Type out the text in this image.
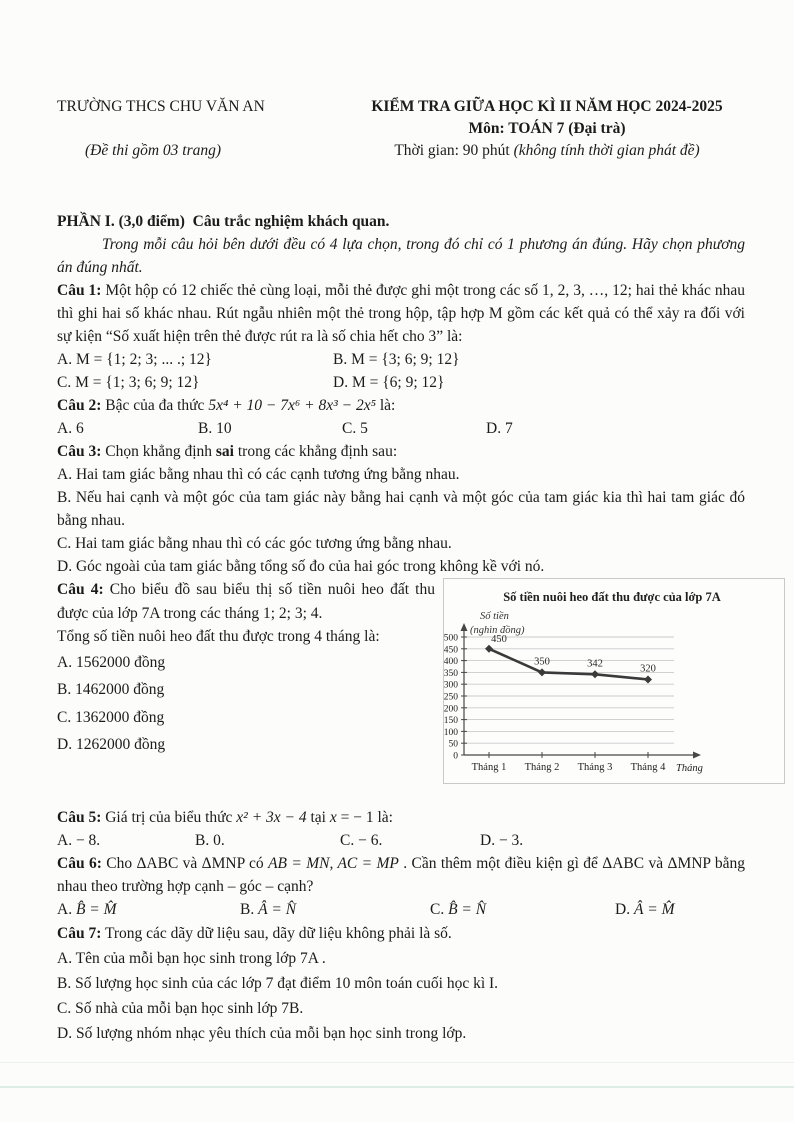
TRƯỜNG THCS CHU VĂN AN
(Đề thi gồm 03 trang)
KIỂM TRA GIỮA HỌC KÌ II NĂM HỌC 2024-2025
Môn: TOÁN 7 (Đại trà)
Thời gian: 90 phút (không tính thời gian phát đề)

PHẦN I. (3,0 điểm) Câu trắc nghiệm khách quan.

Trong mỗi câu hỏi bên dưới đều có 4 lựa chọn, trong đó chỉ có 1 phương án đúng. Hãy chọn phương án đúng nhất.

Câu 1: Một hộp có 12 chiếc thẻ cùng loại, mỗi thẻ được ghi một trong các số 1, 2, 3, …, 12; hai thẻ khác nhau thì ghi hai số khác nhau. Rút ngẫu nhiên một thẻ trong hộp, tập hợp M gồm các kết quả có thể xảy ra đối với sự kiện “Số xuất hiện trên thẻ được rút ra là số chia hết cho 3” là:

A. M = {1; 2; 3; ... .; 12}	B. M = {3; 6; 9; 12}
C. M = {1; 3; 6; 9; 12}	D. M = {6; 9; 12}

Câu 2: Bậc của đa thức 5x⁴ + 10 − 7x⁶ + 8x³ − 2x⁵ là:

A. 6	B. 10	C. 5	D. 7

Câu 3: Chọn khẳng định sai trong các khẳng định sau:

A. Hai tam giác bằng nhau thì có các cạnh tương ứng bằng nhau.

B. Nếu hai cạnh và một góc của tam giác này bằng hai cạnh và một góc của tam giác kia thì hai tam giác đó bằng nhau.

C. Hai tam giác bằng nhau thì có các góc tương ứng bằng nhau.

D. Góc ngoài của tam giác bằng tổng số đo của hai góc trong không kề với nó.

Câu 4: Cho biểu đồ sau biểu thị số tiền nuôi heo đất thu được của lớp 7A trong các tháng 1; 2; 3; 4.

Tổng số tiền nuôi heo đất thu được trong 4 tháng là:

A. 1562000 đồng
B. 1462000 đồng
C. 1362000 đồng
D. 1262000 đồng
Số tiền nuôi heo đất thu được của lớp 7A
Số tiền
(nghìn đồng)
0
50
100
150
200
250
300
350
400
450
500	450
Tháng 1
350
Tháng 2
342
Tháng 3
320
Tháng 4 Tháng

Câu 5: Giá trị của biểu thức x² + 3x − 4 tại x = − 1 là:

A. − 8.	B. 0.	C. − 6.	D. − 3.

Câu 6: Cho ΔABC và ΔMNP có AB = MN, AC = MP . Cần thêm một điều kiện gì để ΔABC và ΔMNP bằng nhau theo trường hợp cạnh – góc – cạnh?

A. B̂ = M̂	B. Â = N̂	C. B̂ = N̂	D. Â = M̂

Câu 7: Trong các dãy dữ liệu sau, dãy dữ liệu không phải là số.

A. Tên của mỗi bạn học sinh trong lớp 7A .

B. Số lượng học sinh của các lớp 7 đạt điểm 10 môn toán cuối học kì I.

C. Số nhà của mỗi bạn học sinh lớp 7B.

D. Số lượng nhóm nhạc yêu thích của mỗi bạn học sinh trong lớp.
